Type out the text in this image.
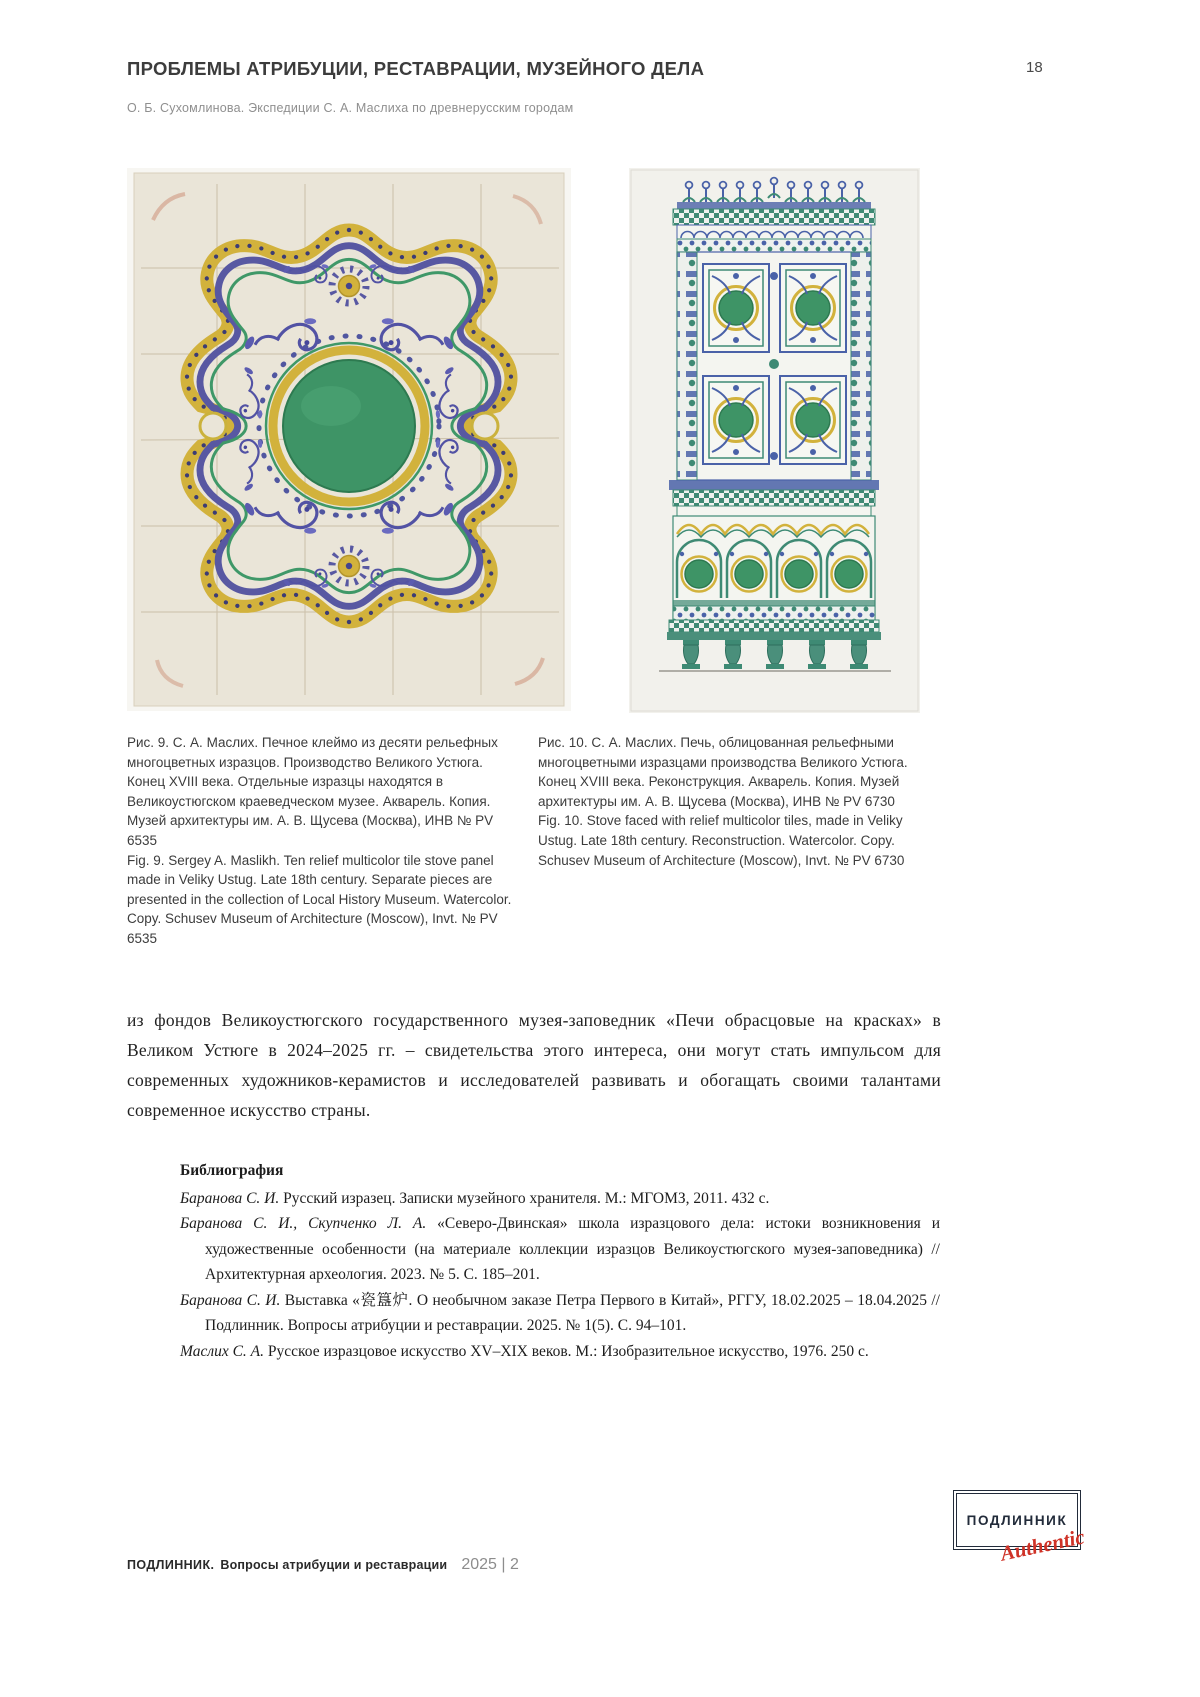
ПРОБЛЕМЫ АТРИБУЦИИ, РЕСТАВРАЦИИ, МУЗЕЙНОГО ДЕЛА	18
О. Б. Сухомлинова. Экспедиции С. А. Маслиха по древнерусским городам
Рис. 9. С. А. Маслих. Печное клеймо из десяти рельефных многоцветных изразцов. Производство Великого Устюга. Конец XVIII века. Отдельные изразцы находятся в Великоустюгском краеведческом музее. Акварель. Копия. Музей архитектуры им. А. В. Щусева (Москва), ИНВ № PV 6535
Fig. 9. Sergey A. Maslikh. Ten relief multicolor tile stove panel made in Veliky Ustug. Late 18th century. Separate pieces are presented in the collection of Local History Museum. Watercolor. Copy. Schusev Museum of Architecture (Moscow), Invt. № PV 6535
Рис. 10. С. А. Маслих. Печь, облицованная рельефными многоцветными изразцами производства Великого Устюга. Конец XVIII века. Реконструкция. Акварель. Копия. Музей архитектуры им. А. В. Щусева (Москва), ИНВ № PV 6730
Fig. 10. Stove faced with relief multicolor tiles, made in Veliky Ustug. Late 18th century. Reconstruction. Watercolor. Copy. Schusev Museum of Architecture (Moscow), Invt. № PV 6730

из фондов Великоустюгского государственного музея-заповедник «Печи обрасцовые на красках» в Великом Устюге в 2024–2025 гг. – свидетельства этого интереса, они могут стать импульсом для современных художников-керамистов и исследователей развивать и обогащать своими талантами современное искусство страны.

Библиография

Баранова С. И. Русский изразец. Записки музейного хранителя. М.: МГОМЗ, 2011. 432 с.

Баранова С. И., Скупченко Л. А. «Северо-Двинская» школа изразцового дела: истоки возникновения и художественные особенности (на материале коллекции изразцов Великоустюгского музея-заповедника) // Архитектурная археология. 2023. № 5. С. 185–201.

Баранова С. И. Выставка «瓷簋炉. О необычном заказе Петра Первого в Китай», РГГУ, 18.02.2025 – 18.04.2025 // Подлинник. Вопросы атрибуции и реставрации. 2025. № 1(5). С. 94–101.

Маслих С. А. Русское изразцовое искусство XV–XIX веков. М.: Изобразительное искусство, 1976. 250 с.

ПОДЛИННИК. Вопросы атрибуции и реставрации 2025 | 2
ПОДЛИННИК
Authentic
